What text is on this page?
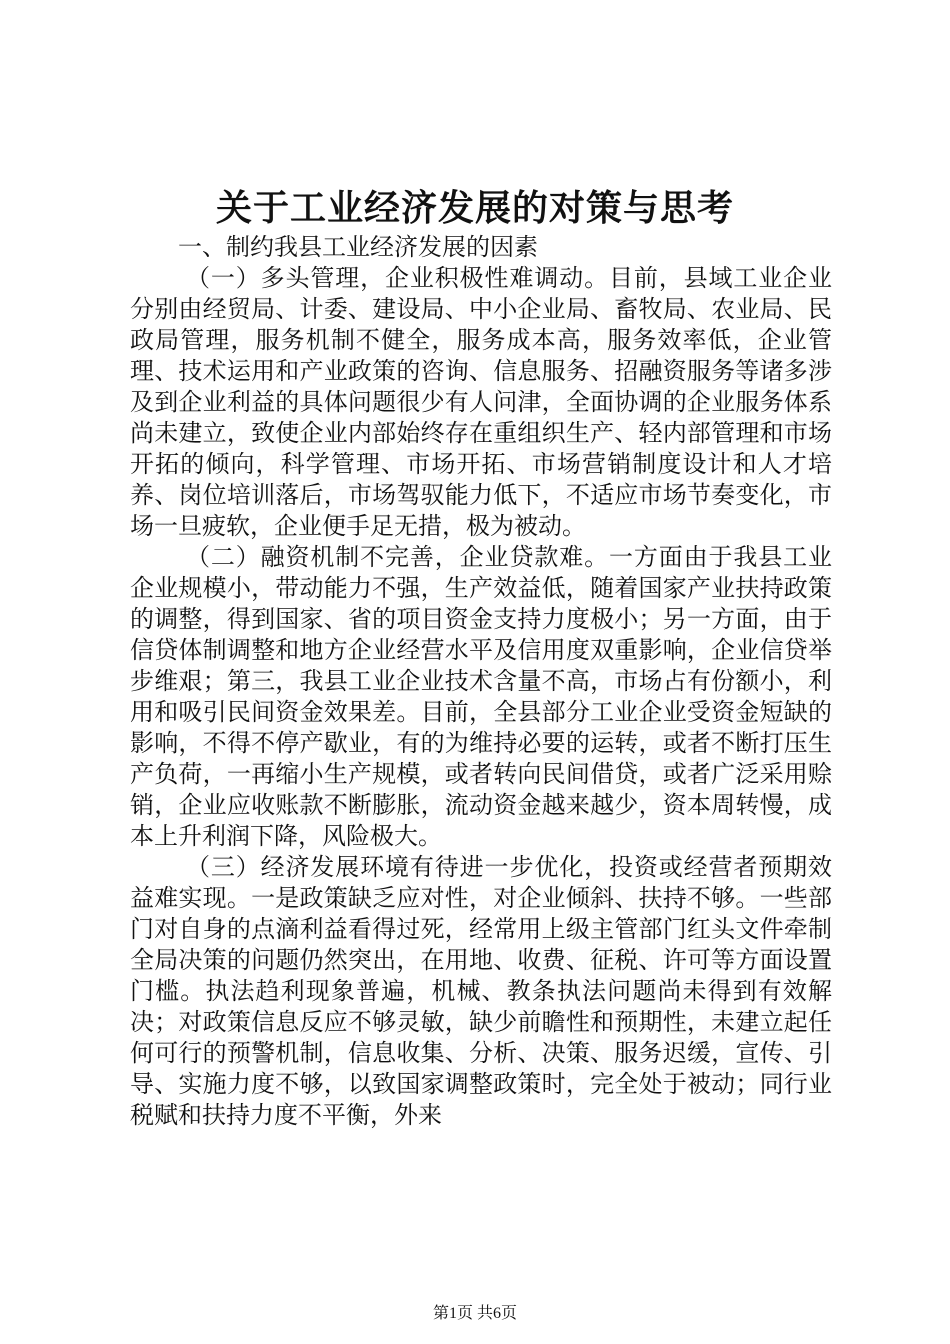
关于工业经济发展的对策与思考

一、制约我县工业经济发展的因素

（一）多头管理，企业积极性难调动。目前，县域工业企业分别由经贸局、计委、建设局、中小企业局、畜牧局、农业局、民政局管理，服务机制不健全，服务成本高，服务效率低，企业管理、技术运用和产业政策的咨询、信息服务、招融资服务等诸多涉及到企业利益的具体问题很少有人问津，全面协调的企业服务体系尚未建立，致使企业内部始终存在重组织生产、轻内部管理和市场开拓的倾向，科学管理、市场开拓、市场营销制度设计和人才培养、岗位培训落后，市场驾驭能力低下，不适应市场节奏变化，市场一旦疲软，企业便手足无措，极为被动。

（二）融资机制不完善，企业贷款难。一方面由于我县工业企业规模小，带动能力不强，生产效益低，随着国家产业扶持政策的调整，得到国家、省的项目资金支持力度极小；另一方面，由于信贷体制调整和地方企业经营水平及信用度双重影响，企业信贷举步维艰；第三，我县工业企业技术含量不高，市场占有份额小，利用和吸引民间资金效果差。目前，全县部分工业企业受资金短缺的影响，不得不停产歇业，有的为维持必要的运转，或者不断打压生产负荷，一再缩小生产规模，或者转向民间借贷，或者广泛采用赊销，企业应收账款不断膨胀，流动资金越来越少，资本周转慢，成本上升利润下降，风险极大。

（三）经济发展环境有待进一步优化，投资或经营者预期效益难实现。一是政策缺乏应对性，对企业倾斜、扶持不够。一些部门对自身的点滴利益看得过死，经常用上级主管部门红头文件牵制全局决策的问题仍然突出，在用地、收费、征税、许可等方面设置门槛。执法趋利现象普遍，机械、教条执法问题尚未得到有效解决；对政策信息反应不够灵敏，缺少前瞻性和预期性，未建立起任何可行的预警机制，信息收集、分析、决策、服务迟缓，宣传、引导、实施力度不够，以致国家调整政策时，完全处于被动；同行业税赋和扶持力度不平衡，外来

第1页 共6页
